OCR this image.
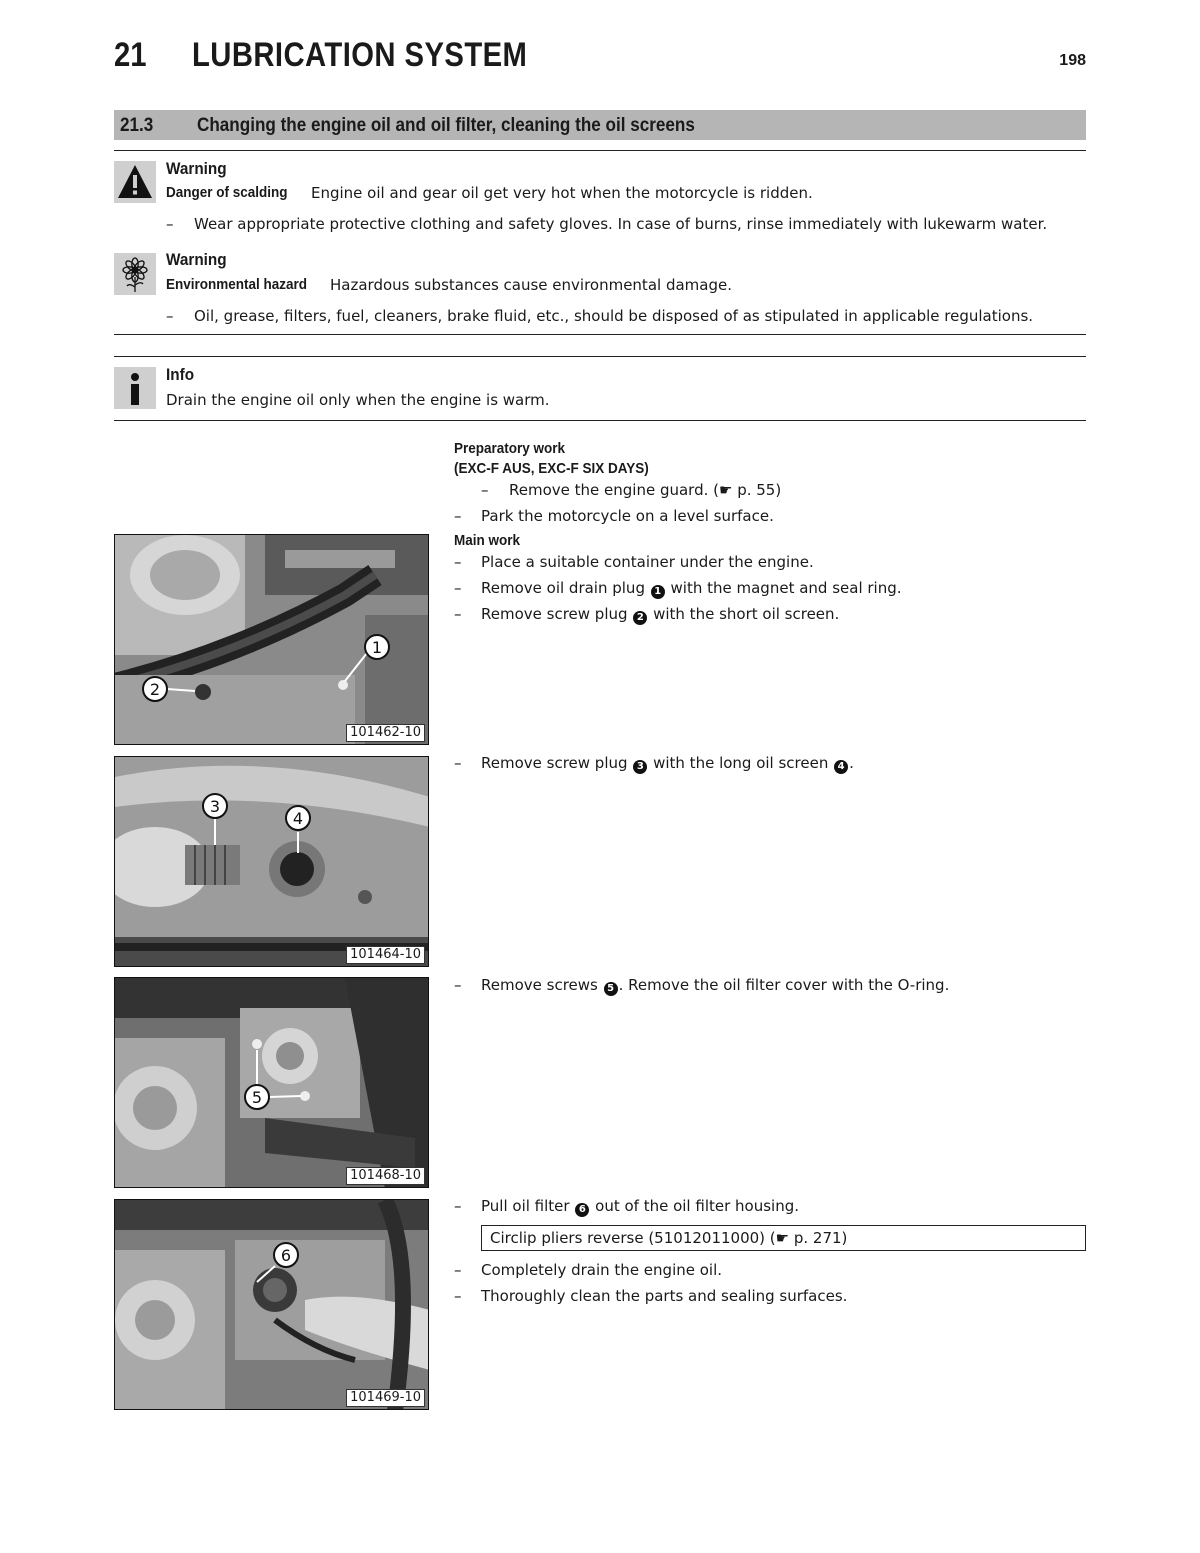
21 LUBRICATION SYSTEM	198
21.3 Changing the engine oil and oil filter, cleaning the oil screens
Warning
Danger of scalding Engine oil and gear oil get very hot when the motorcycle is ridden.
– Wear appropriate protective clothing and safety gloves. In case of burns, rinse immediately with lukewarm water.
Warning
Environmental hazard Hazardous substances cause environmental damage.
– Oil, grease, filters, fuel, cleaners, brake fluid, etc., should be disposed of as stipulated in applicable regulations.
Info
Drain the engine oil only when the engine is warm.
Preparatory work
(EXC-F AUS, EXC-F SIX DAYS)
– Remove the engine guard. (☛ p. 55)
– Park the motorcycle on a level surface.
Main work
– Place a suitable container under the engine.
– Remove oil drain plug 1 with the magnet and seal ring.
– Remove screw plug 2 with the short oil screen.
– Remove screw plug 3 with the long oil screen 4 .
– Remove screws 5 . Remove the oil filter cover with the O-ring.
– Pull oil filter 6 out of the oil filter housing.
Circlip pliers reverse (51012011000) (☛ p. 271)
– Completely drain the engine oil.
– Thoroughly clean the parts and sealing surfaces.
2
1
101462-10
3
4
101464-10
5
101468-10
6
101469-10
